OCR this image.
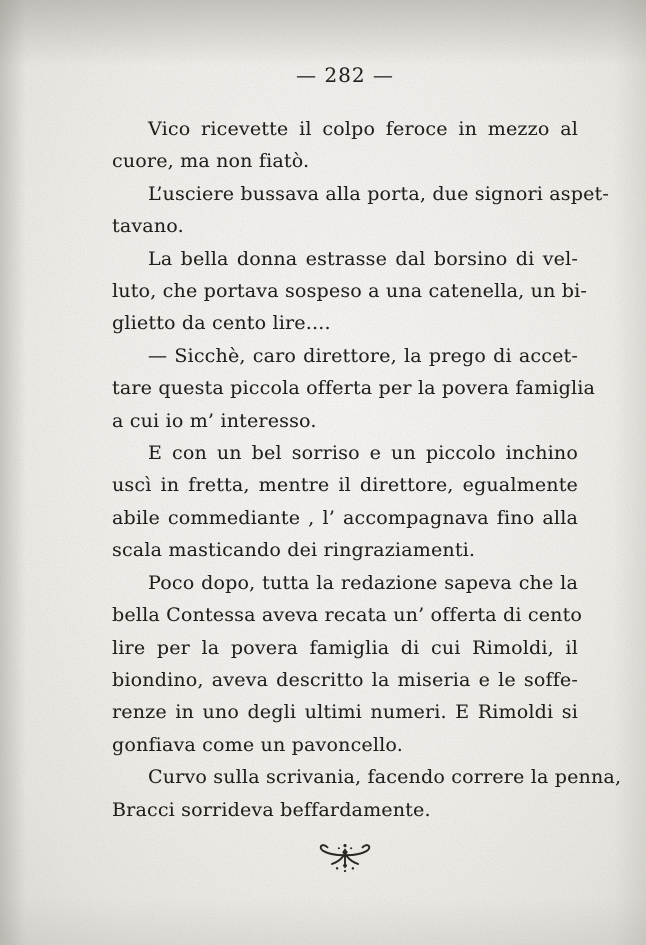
— 282 —
Vico ricevette il colpo feroce in mezzo al
cuore, ma non fiatò.
L’usciere bussava alla porta, due signori aspet-
tavano.
La bella donna estrasse dal borsino di vel-
luto, che portava sospeso a una catenella, un bi-
glietto da cento lire....
— Sicchè, caro direttore, la prego di accet-
tare questa piccola offerta per la povera famiglia
a cui io m’ interesso.
E con un bel sorriso e un piccolo inchino
uscì in fretta, mentre il direttore, egualmente
abile commediante , l’ accompagnava fino alla
scala masticando dei ringraziamenti.
Poco dopo, tutta la redazione sapeva che la
bella Contessa aveva recata un’ offerta di cento
lire per la povera famiglia di cui Rimoldi, il
biondino, aveva descritto la miseria e le soffe-
renze in uno degli ultimi numeri. E Rimoldi si
gonfiava come un pavoncello.
Curvo sulla scrivania, facendo correre la penna,
Bracci sorrideva beffardamente.
